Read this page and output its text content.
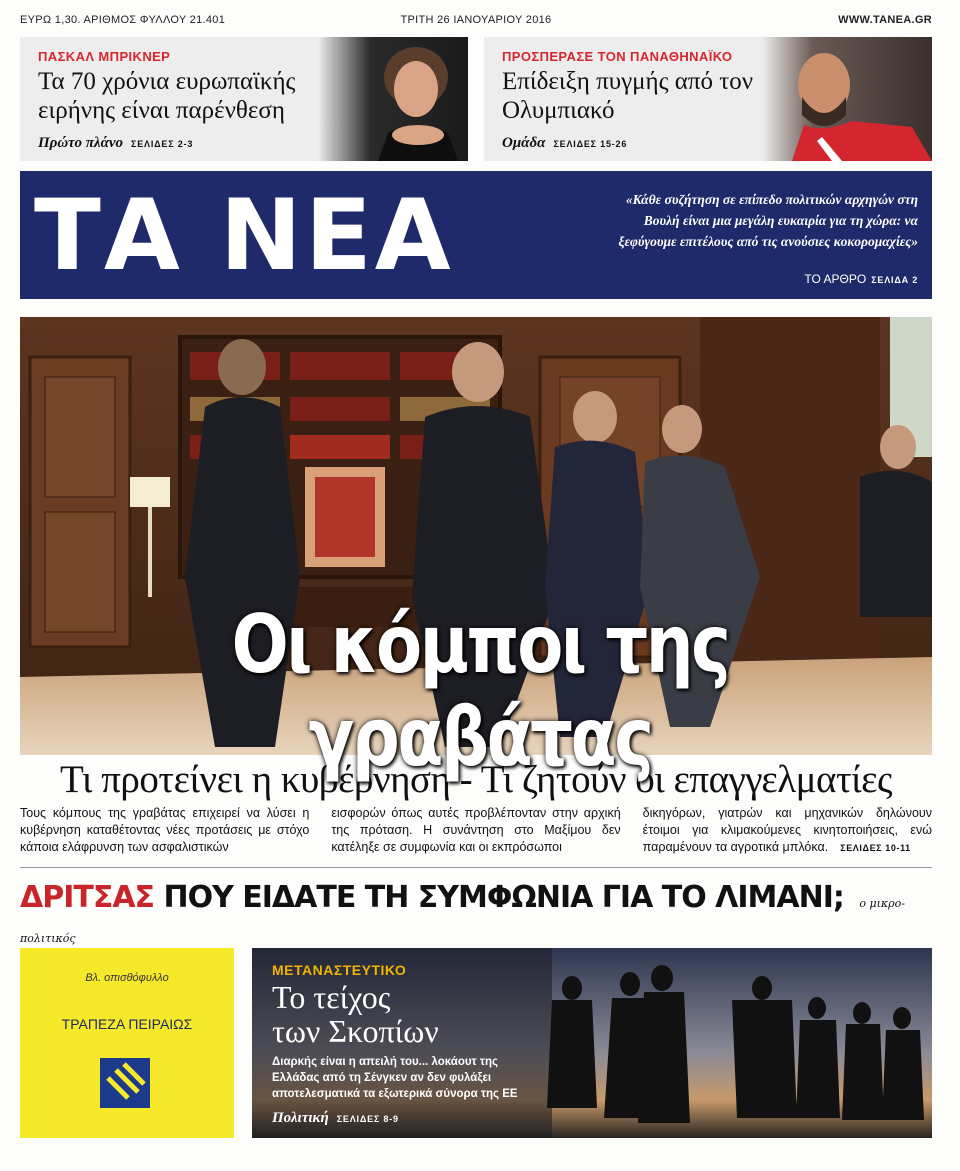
ΕΥΡΩ 1,30. ΑΡΙΘΜΟΣ ΦΥΛΛΟΥ 21.401	ΤΡΙΤΗ 26 ΙΑΝΟΥΑΡΙΟΥ 2016	WWW.TANEA.GR
ΠΑΣΚΑΛ ΜΠΡΙΚΝΕΡ
Τα 70 χρόνια ευρωπαϊκής ειρήνης είναι παρένθεση
Πρώτο πλάνο ΣΕΛΙΔΕΣ 2-3
ΠΡΟΣΠΕΡΑΣΕ ΤΟΝ ΠΑΝΑΘΗΝΑΪΚΟ
Επίδειξη πυγμής από τον Ολυμπιακό
Ομάδα ΣΕΛΙΔΕΣ 15-26
ΤΑ ΝΕΑ	«Κάθε συζήτηση σε επίπεδο πολιτικών αρχηγών στη Βουλή είναι μια μεγάλη ευκαιρία για τη χώρα: να ξεφύγουμε επιτέλους από τις ανούσιες κοκορομαχίες»
ΤΟ ΑΡΘΡΟ ΣΕΛΙΔΑ 2
Οι κόμποι της γραβάτας
Τι προτείνει η κυβέρνηση - Τι ζητούν οι επαγγελματίες

Τους κόμπους της γραβάτας επιχειρεί να λύσει η κυβέρνηση καταθέτοντας νέες προτάσεις με στόχο κάποια ελάφρυνση των ασφαλιστικών

εισφορών όπως αυτές προβλέπονταν στην αρχική της πρόταση. Η συνάντηση στο Μαξίμου δεν κατέληξε σε συμφωνία και οι εκπρόσωποι

δικηγόρων, γιατρών και μηχανικών δηλώνουν έτοιμοι για κλιμακούμενες κινητοποιήσεις, ενώ παραμένουν τα αγροτικά μπλόκα. ΣΕΛΙΔΕΣ 10-11

ΔΡΙΤΣΑΣ ΠΟΥ ΕΙΔΑΤΕ ΤΗ ΣΥΜΦΩΝΙΑ ΓΙΑ ΤΟ ΛΙΜΑΝΙ; ο μικρο-πολιτικός
Βλ. οπισθόφυλλο
ΤΡΑΠΕΖΑ ΠΕΙΡΑΙΩΣ
ΜΕΤΑΝΑΣΤΕΥΤΙΚΟ
Το τείχος
των Σκοπίων
Διαρκής είναι η απειλή του... λοκάουτ της Ελλάδας από τη Σένγκεν αν δεν φυλάξει αποτελεσματικά τα εξωτερικά σύνορα της ΕΕ
Πολιτική ΣΕΛΙΔΕΣ 8-9
